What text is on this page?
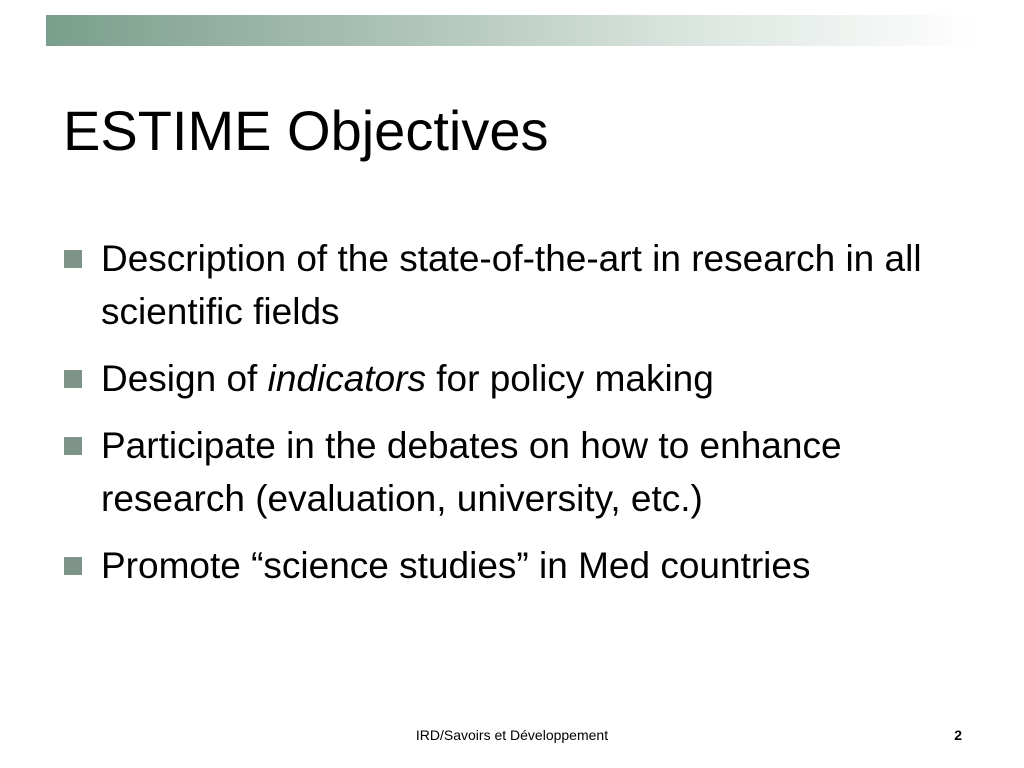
ESTIME Objectives
Description of the state-of-the-art in research in all scientific fields
Design of indicators for policy making
Participate in the debates on how to enhance research (evaluation, university, etc.)
Promote “science studies” in Med countries
IRD/Savoirs et Développement	2
